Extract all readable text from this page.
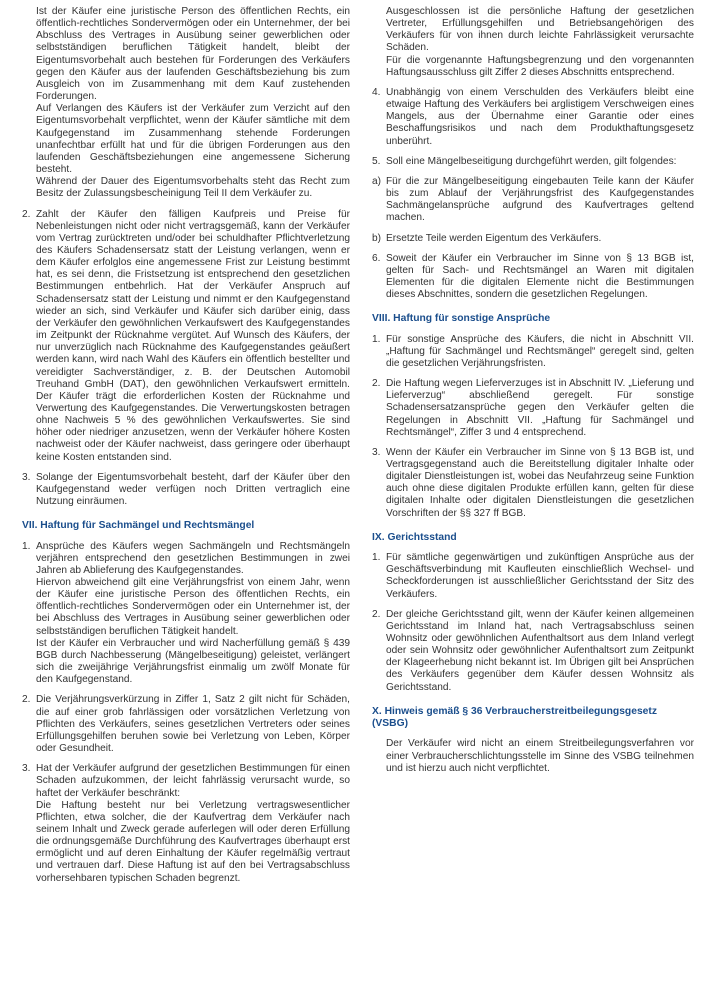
Ist der Käufer eine juristische Person des öffentlichen Rechts, ein öffentlich-rechtliches Sondervermögen oder ein Unternehmer, der bei Abschluss des Vertrages in Ausübung seiner gewerblichen oder selbstständigen beruflichen Tätigkeit handelt, bleibt der Eigentumsvorbehalt auch bestehen für Forderungen des Verkäufers gegen den Käufer aus der laufenden Geschäftsbeziehung bis zum Ausgleich von im Zusammenhang mit dem Kauf zustehenden Forderungen.
Auf Verlangen des Käufers ist der Verkäufer zum Verzicht auf den Eigentumsvorbehalt verpflichtet, wenn der Käufer sämtliche mit dem Kaufgegenstand im Zusammenhang stehende Forderungen unanfechtbar erfüllt hat und für die übrigen Forderungen aus den laufenden Geschäftsbeziehungen eine angemessene Sicherung besteht.
Während der Dauer des Eigentumsvorbehalts steht das Recht zum Besitz der Zulassungsbescheinigung Teil II dem Verkäufer zu.
2. Zahlt der Käufer den fälligen Kaufpreis und Preise für Nebenleistungen nicht oder nicht vertragsgemäß, kann der Verkäufer vom Vertrag zurücktreten und/oder bei schuldhafter Pflichtverletzung des Käufers Schadensersatz statt der Leistung verlangen, wenn er dem Käufer erfolglos eine angemessene Frist zur Leistung bestimmt hat, es sei denn, die Fristsetzung ist entsprechend den gesetzlichen Bestimmungen entbehrlich. Hat der Verkäufer Anspruch auf Schadensersatz statt der Leistung und nimmt er den Kaufgegenstand wieder an sich, sind Verkäufer und Käufer sich darüber einig, dass der Verkäufer den gewöhnlichen Verkaufswert des Kaufgegenstandes im Zeitpunkt der Rücknahme vergütet. Auf Wunsch des Käufers, der nur unverzüglich nach Rücknahme des Kaufgegenstandes geäußert werden kann, wird nach Wahl des Käufers ein öffentlich bestellter und vereidigter Sachverständiger, z. B. der Deutschen Automobil Treuhand GmbH (DAT), den gewöhnlichen Verkaufswert ermitteln. Der Käufer trägt die erforderlichen Kosten der Rücknahme und Verwertung des Kaufgegenstandes. Die Verwertungskosten betragen ohne Nachweis 5 % des gewöhnlichen Verkaufswertes. Sie sind höher oder niedriger anzusetzen, wenn der Verkäufer höhere Kosten nachweist oder der Käufer nachweist, dass geringere oder überhaupt keine Kosten entstanden sind.
3. Solange der Eigentumsvorbehalt besteht, darf der Käufer über den Kaufgegenstand weder verfügen noch Dritten vertraglich eine Nutzung einräumen.
VII. Haftung für Sachmängel und Rechtsmängel
1. Ansprüche des Käufers wegen Sachmängeln und Rechtsmängeln verjähren entsprechend den gesetzlichen Bestimmungen in zwei Jahren ab Ablieferung des Kaufgegenstandes.
Hiervon abweichend gilt eine Verjährungsfrist von einem Jahr, wenn der Käufer eine juristische Person des öffentlichen Rechts, ein öffentlich-rechtliches Sondervermögen oder ein Unternehmer ist, der bei Abschluss des Vertrages in Ausübung seiner gewerblichen oder selbstständigen beruflichen Tätigkeit handelt.
Ist der Käufer ein Verbraucher und wird Nacherfüllung gemäß § 439 BGB durch Nachbesserung (Mängelbeseitigung) geleistet, verlängert sich die zweijährige Verjährungsfrist einmalig um zwölf Monate für den Kaufgegenstand.
2. Die Verjährungsverkürzung in Ziffer 1, Satz 2 gilt nicht für Schäden, die auf einer grob fahrlässigen oder vorsätzlichen Verletzung von Pflichten des Verkäufers, seines gesetzlichen Vertreters oder seines Erfüllungsgehilfen beruhen sowie bei Verletzung von Leben, Körper oder Gesundheit.
3. Hat der Verkäufer aufgrund der gesetzlichen Bestimmungen für einen Schaden aufzukommen, der leicht fahrlässig verursacht wurde, so haftet der Verkäufer beschränkt:
Die Haftung besteht nur bei Verletzung vertragswesentlicher Pflichten, etwa solcher, die der Kaufvertrag dem Verkäufer nach seinem Inhalt und Zweck gerade auferlegen will oder deren Erfüllung die ordnungsgemäße Durchführung des Kaufvertrages überhaupt erst ermöglicht und auf deren Einhaltung der Käufer regelmäßig vertraut und vertrauen darf. Diese Haftung ist auf den bei Vertragsabschluss vorhersehbaren typischen Schaden begrenzt.
Ausgeschlossen ist die persönliche Haftung der gesetzlichen Vertreter, Erfüllungsgehilfen und Betriebsangehörigen des Verkäufers für von ihnen durch leichte Fahrlässigkeit verursachte Schäden.
Für die vorgenannte Haftungsbegrenzung und den vorgenannten Haftungsausschluss gilt Ziffer 2 dieses Abschnitts entsprechend.
4. Unabhängig von einem Verschulden des Verkäufers bleibt eine etwaige Haftung des Verkäufers bei arglistigem Verschweigen eines Mangels, aus der Übernahme einer Garantie oder eines Beschaffungsrisikos und nach dem Produkthaftungsgesetz unberührt.
5. Soll eine Mängelbeseitigung durchgeführt werden, gilt folgendes:
a) Für die zur Mängelbeseitigung eingebauten Teile kann der Käufer bis zum Ablauf der Verjährungsfrist des Kaufgegenstandes Sachmängelansprüche aufgrund des Kaufvertrages geltend machen.
b) Ersetzte Teile werden Eigentum des Verkäufers.
6. Soweit der Käufer ein Verbraucher im Sinne von § 13 BGB ist, gelten für Sach- und Rechtsmängel an Waren mit digitalen Elementen für die digitalen Elemente nicht die Bestimmungen dieses Abschnittes, sondern die gesetzlichen Regelungen.
VIII. Haftung für sonstige Ansprüche
1. Für sonstige Ansprüche des Käufers, die nicht in Abschnitt VII. „Haftung für Sachmängel und Rechtsmängel“ geregelt sind, gelten die gesetzlichen Verjährungsfristen.
2. Die Haftung wegen Lieferverzuges ist in Abschnitt IV. „Lieferung und Lieferverzug“ abschließend geregelt. Für sonstige Schadensersatzansprüche gegen den Verkäufer gelten die Regelungen in Abschnitt VII. „Haftung für Sachmängel und Rechtsmängel“, Ziffer 3 und 4 entsprechend.
3. Wenn der Käufer ein Verbraucher im Sinne von § 13 BGB ist, und Vertragsgegenstand auch die Bereitstellung digitaler Inhalte oder digitaler Dienstleistungen ist, wobei das Neufahrzeug seine Funktion auch ohne diese digitalen Produkte erfüllen kann, gelten für diese digitalen Inhalte oder digitalen Dienstleistungen die gesetzlichen Vorschriften der §§ 327 ff BGB.
IX. Gerichtsstand
1. Für sämtliche gegenwärtigen und zukünftigen Ansprüche aus der Geschäftsverbindung mit Kaufleuten einschließlich Wechsel- und Scheckforderungen ist ausschließlicher Gerichtsstand der Sitz des Verkäufers.
2. Der gleiche Gerichtsstand gilt, wenn der Käufer keinen allgemeinen Gerichtsstand im Inland hat, nach Vertragsabschluss seinen Wohnsitz oder gewöhnlichen Aufenthaltsort aus dem Inland verlegt oder sein Wohnsitz oder gewöhnlicher Aufenthaltsort zum Zeitpunkt der Klageerhebung nicht bekannt ist. Im Übrigen gilt bei Ansprüchen des Verkäufers gegenüber dem Käufer dessen Wohnsitz als Gerichtsstand.
X. Hinweis gemäß § 36 Verbraucherstreitbeilegungsgesetz
(VSBG)
Der Verkäufer wird nicht an einem Streitbeilegungsverfahren vor einer Verbraucherschlichtungsstelle im Sinne des VSBG teilnehmen und ist hierzu auch nicht verpflichtet.
